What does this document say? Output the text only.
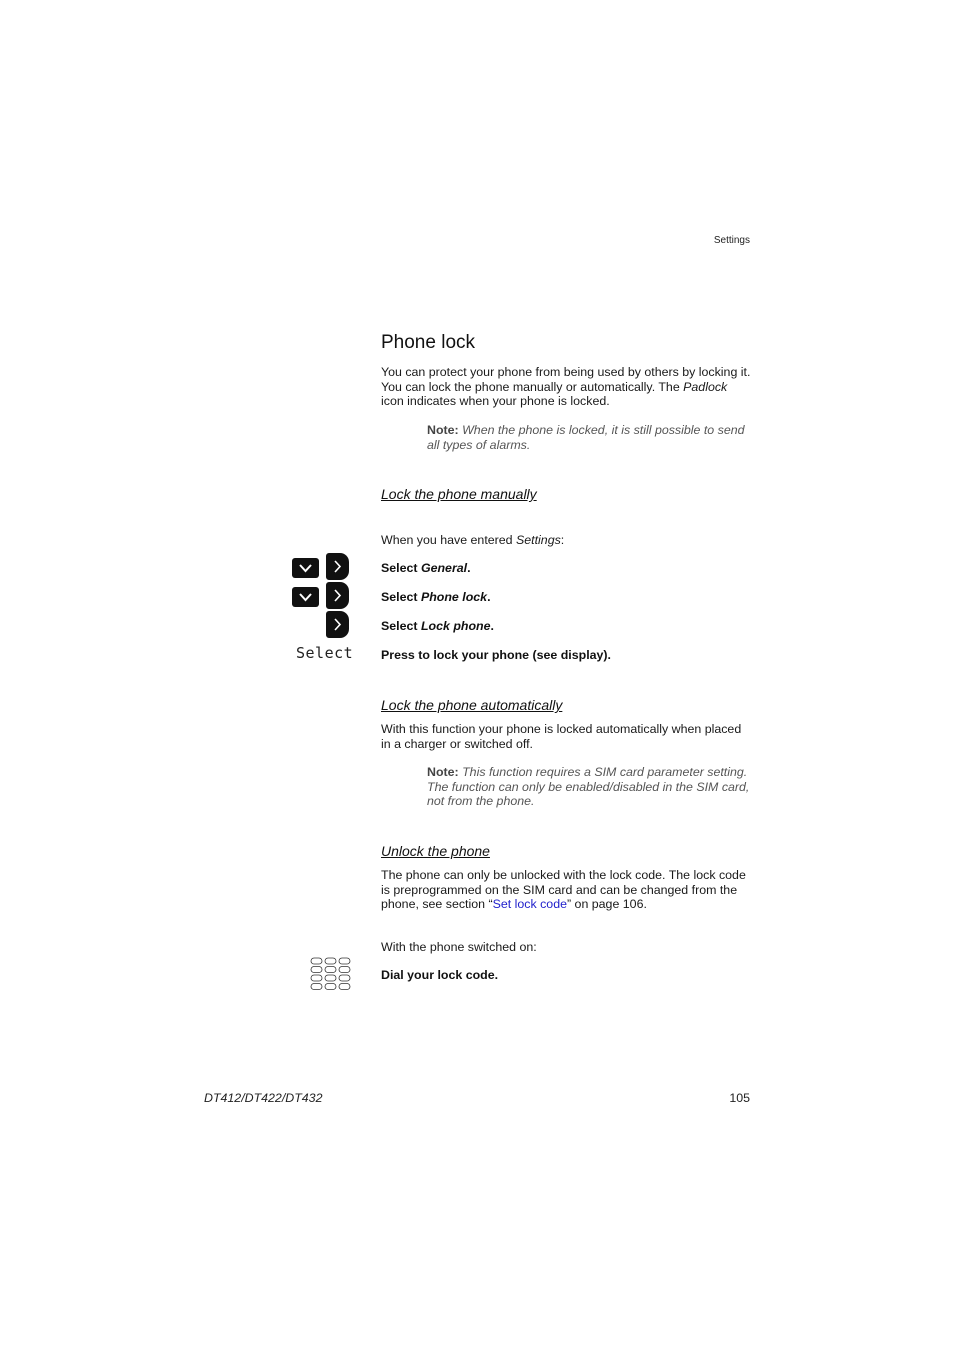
Settings
Phone lock
You can protect your phone from being used by others by locking it. You can lock the phone manually or automatically. The Padlock icon indicates when your phone is locked.
Note: When the phone is locked, it is still possible to send all types of alarms.
Lock the phone manually
When you have entered Settings:
Select General.
Select Phone lock.
Select Lock phone.
Select Press to lock your phone (see display).
Lock the phone automatically
With this function your phone is locked automatically when placed in a charger or switched off.
Note: This function requires a SIM card parameter setting. The function can only be enabled/disabled in the SIM card, not from the phone.
Unlock the phone
The phone can only be unlocked with the lock code. The lock code is preprogrammed on the SIM card and can be changed from the phone, see section “Set lock code” on page 106.
With the phone switched on:
Dial your lock code.
DT412/DT422/DT432	105
